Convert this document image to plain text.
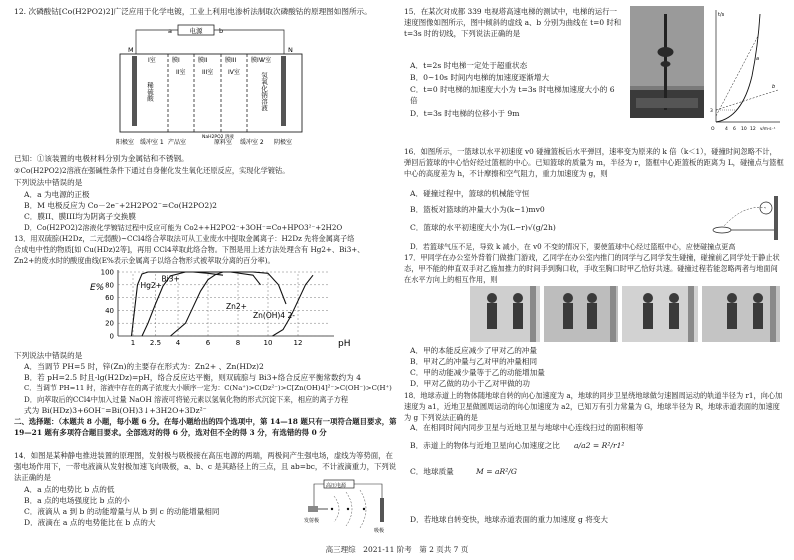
12. 次磷酸钴[Co(H2PO2)2]广泛应用于化学电镀，工业上利用电渗析法制取次磷酸钴的原理图如图所示。
电源
a	b
M	N
膜I	膜II	膜III 膜IV
I室
II室	III室 IV室
V室
稀硫酸	氢氧化钠溶液
阳极室	产品室	原料室	阴极室
NaH2PO2 溶液
缓冲室 1	缓冲室 2
已知：①该装置的电极材料分别为金属钴和不锈钢。
②Co(H2PO2)2溶液在强碱性条件下通过自身催化发生氧化还原反应，实现化学镀钴。
下列说法中错误的是
A．a 为电源的正极
B．M 电极反应为 Co－2e⁻+2H2PO2⁻=Co(H2PO2)2
C．膜II、膜III均为阴离子交换膜
D．Co(H2PO2)2溶液化学镀钴过程中反应可能为 Co2++H2PO2⁻+3OH⁻=Co+HPO3²⁻+2H2O
13．用双硫腙(H2Dz，二元弱酸)~CCl4络合萃取法可从工业废水中提取金属离子：H2Dz 先将金属离子络
合成电中性的物质[如 Cu(HDz)2等]，再用 CCl4萃取此络合物。下图是用上述方法处理含有 Hg2+、Bi3+、
Zn2+的废水时的酸度曲线(E%表示金属离子以络合物形式被萃取分离的百分率)。
E%
pH
0
20
40
60
80
100
1 2.5 4	6	8	10	12
Hg2+
Bi3+
Zn2+
Zn(OH)4 2-
下列说法中错误的是
A．当调节 PH=5 时，锌(Zn)的主要存在形式为：Zn2+ 、Zn(HDz)2
B．若 pH=2.5 时且-lg(H2Dz)=pH，络合反应达平衡，则双硫腙与 Bi3+络合反应平衡常数约为 4
C．当调节 PH=11 时，溶液中存在的离子浓度大小顺序一定为：C(Na⁺)>C(Dz²⁻)>C[Zn(OH)4]²⁻>C(OH⁻)>C(H⁺)
D．向萃取后的CCl4中加入过量 NaOH 溶液可将铋元素以氢氧化物的形式沉淀下来，相应的离子方程
式为 Bi(HDz)3+6OH⁻=Bi(OH)3↓+3H2O+3Dz²⁻
二、选择题：（本题共 8 小题，每小题 6 分。在每小题给出的四个选项中，第 14—18 题只有一项符合题目要求，第 19—21 题有多项符合题目要求。全部选对的得 6 分，选对但不全的得 3 分，有选错的得 0 分
14．如图是某种静电推进装置的原理图，发射极与吸极接在高压电源的两端，两极间产生强电场，虚线为等势面，在强电场作用下，一带电液滴从发射极加速飞向吸极，a、b、c 是其路径上的三点，且 ab=bc，不计液滴重力，下列说法正确的是
A．a 点的电势比 b 点的低
B．a 点的电场强度比 b 点的小
C．液滴从 a 到 b 的动能增量与从 b 到 c 的动能增量相同
D．液滴在 a 点的电势能比在 b 点的大
高压电源
发射极
吸极
15．在某次对成都 339 电视塔高速电梯的测试中，电梯的运行一速度图像如图所示，图中倾斜的虚线 a、b 分别为曲线在 t=0 时和 t=3s 时的切线，下列说法正确的是
A．t=2s 时电梯一定处于超重状态
B．0~10s 时间内电梯的加速度逐渐增大
C．t=0 时电梯的加速度大小为 t=3s 时电梯加速度大小的 6 倍
D．t=3s 时电梯的位移小于 9m
t/s
v/m·s⁻¹
O 4 6 10 12
3
a
b
16．如图所示，一篮球以水平初速度 v0 碰撞篮板后水平弹回，速率变为原来的 k 倍（k＜1），碰撞时间忽略不计，弹回后篮球的中心恰好经过篮框的中心。已知篮球的质量为 m，半径为 r，篮框中心距篮板的距离为 L，碰撞点与篮框中心的高度差为 h，不计摩擦和空气阻力，重力加速度为 g，则
A．碰撞过程中，篮球的机械能守恒
B．篮板对篮球的冲量大小为(k−1)mv0
C．篮球的水平初速度大小为(L−r)√(g/2h)
D．若篮球气压不足，导致 k 减小，在 v0 不变的情况下，要使篮球中心经过篮框中心，应使碰撞点更高
17．甲同学在办公室外背着门做推门游戏，乙同学在办公室内推门的同学与乙同学发生碰撞，碰撞前乙同学处于静止状态，甲不能的伸直双手对乙施加推力的时间手到胸口收，手收至胸口时甲乙恰好共速。碰撞过程若能忽略两者与地面间在水平方向上的相互作用，则
A．甲的本能反应减少了甲对乙的冲量
B．甲对乙的冲量与乙对甲的冲量相同
C．甲的动能减少量等于乙的动能增加量
D．甲对乙做的功小于乙对甲做的功
18．地球赤道上的物体随地球自转的向心加速度为 a，地球的同步卫星绕地球做匀速圆周运动的轨道半径为 r1，向心加速度为 a1，近地卫星做圆周运动的向心加速度为 a2，已知万有引力常量为 G，地球半径为 R，地球赤道表面的加速度为 g 下列说法正确的是
A．在相同时间内同步卫星与近地卫星与地球中心连线扫过的面积相等
B．赤道上的物体与近地卫星向心加速度之比 a/a2 = R²/r1²
C．地球质量	M = aR²/G
D．若地球自转变快，地球赤道表面的重力加速度 g 将变大
高三理综　2021-11 阶考　第 2 页共 7 页
